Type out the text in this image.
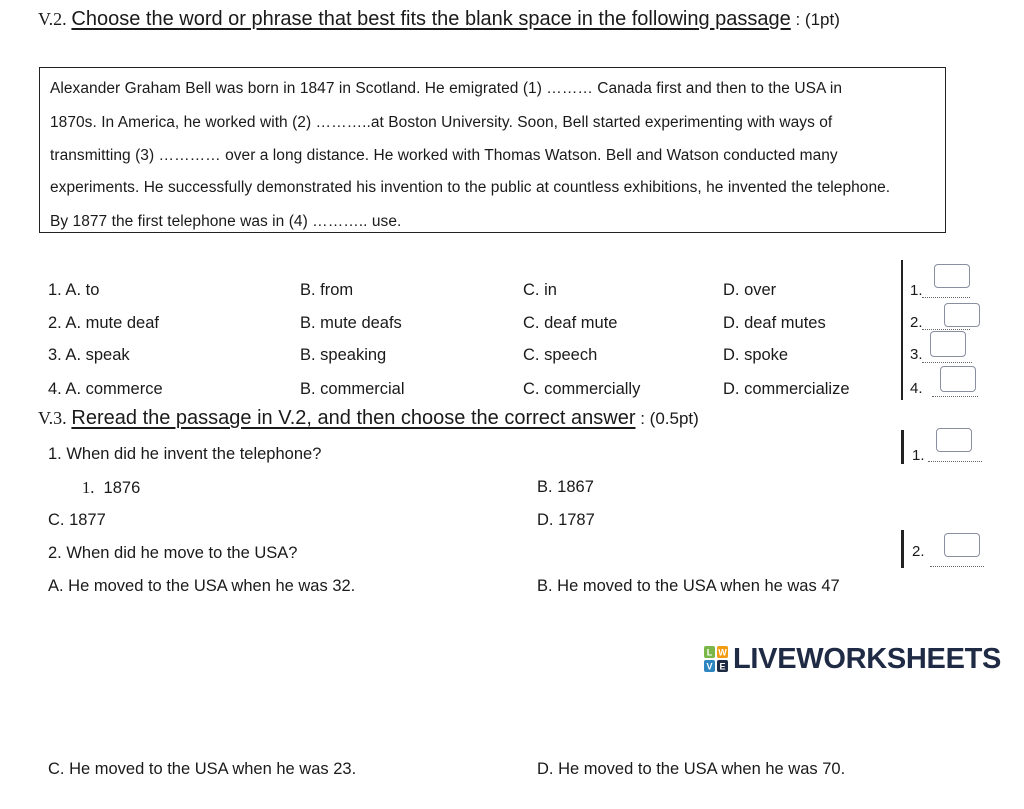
V.2. Choose the word or phrase that best fits the blank space in the following passage : (1pt)
Alexander Graham Bell was born in 1847 in Scotland. He emigrated (1) ……… Canada first and then to the USA in
1870s. In America, he worked with (2) ………..at Boston University. Soon, Bell started experimenting with ways of
transmitting (3) ………… over a long distance. He worked with Thomas Watson. Bell and Watson conducted many
experiments. He successfully demonstrated his invention to the public at countless exhibitions, he invented the telephone.
By 1877 the first telephone was in (4) ……….. use.
1. A. to	B. from	C. in	D. over
2. A. mute deaf	B. mute deafs	C. deaf mute	D. deaf mutes
3. A. speak	B. speaking	C. speech	D. spoke
4. A. commerce	B. commercial	C. commercially	D. commercialize
1.
2.
3.
4.
V.3. Reread the passage in V.2, and then choose the correct answer : (0.5pt)
1. When did he invent the telephone?
1. 1876	B. 1867
C. 1877	D. 1787
1.
2. When did he move to the USA?
A. He moved to the USA when he was 32.	B. He moved to the USA when he was 47
2.
L W
V E LIVEWORKSHEETS
C. He moved to the USA when he was 23.	D. He moved to the USA when he was 70.
